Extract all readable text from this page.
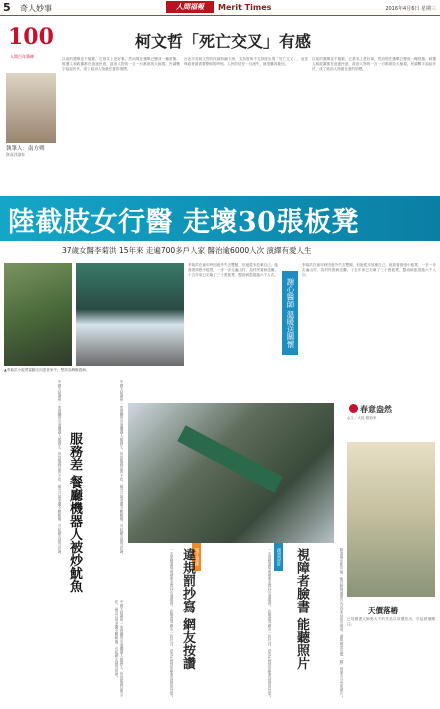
5 奇人妙事	人間福報	Merit Times	2016年4月6日 星期三
100
人間百年筆陣
執筆人：南方朔
資深評論家
柯文哲「死亡交叉」有感
以前的選舉並不頻繁，它基本上是好事。然而現在選舉已變成一種常態，候選人和政黨都在追逐民意，政治人物的一言一行都被放大檢視。民調數字起起伏伏，成了政治人物最在意的指標。
台北市長柯文哲的民調持續下滑，支持度與不支持度出現「死亡交叉」，這是執政者最需要警惕的時刻。人民的信任一旦流失，就很難再挽回。
以前的選舉並不頻繁，它基本上是好事。然而現在選舉已變成一種常態，候選人和政黨都在追逐民意，政治人物的一言一行都被放大檢視。民調數字起起伏伏，成了政治人物最在意的指標。
陸截肢女行醫 走壞30張板凳
37歲女醫李菊洪 15年來 走遍700多戶人家 醫治逾6000人次 演繹有愛人生
▲李菊洪小板凳當腳走向患者家中，堅持為鄉親看病。
李菊洪在童年時因意外失去雙腿，但她從未放棄自己。她靠著兩張小板凳，一步一步走遍山村，為村民看病送藥。十五年來已走壞了三十張板凳，醫治病患超過六千人次。
謝心醫師 溫暖送關懷
李菊洪在童年時因意外失去雙腿，但她從未放棄自己。她靠著兩張小板凳，一步一步走遍山村，為村民看病送藥。十五年來已走壞了三十張板凳，醫治病患超過六千人次。
中國大陸廣州一家餐廳曾引進機器人服務生，但因服務品質不佳，最近已被老闆全數解僱，引起網友熱烈討論。 服務差 餐廳機器人被炒魷魚	中國大陸廣州一家餐廳曾引進機器人服務生，但因服務品質不佳，最近已被老闆全數解僱，引起網友熱烈討論。
中國大陸廣州一家餐廳曾引進機器人服務生，但因服務品質不佳，最近已被老闆全數解僱，引起網友熱烈討論。
春意盎然
◎文／大陸 藝術家
天價落樁
已故國畫大師張大千的作品以高價拍出，引起藝壇關注。
一名駕駛違規後被要求罰抄交通規則，此舉獲得網友一致好評，認為比罰款更能達到教育效果。	越文發創
違規罰抄寫 網友按讚	一名駕駛違規後被要求罰抄交通規則，此舉獲得網友一致好評，認為比罰款更能達到教育效果。 創意設計 視障者臉書 能聽照片	臉書推出新功能，能自動辨識照片內容並以語音描述，讓視障者也能「聽」到朋友分享的照片。
